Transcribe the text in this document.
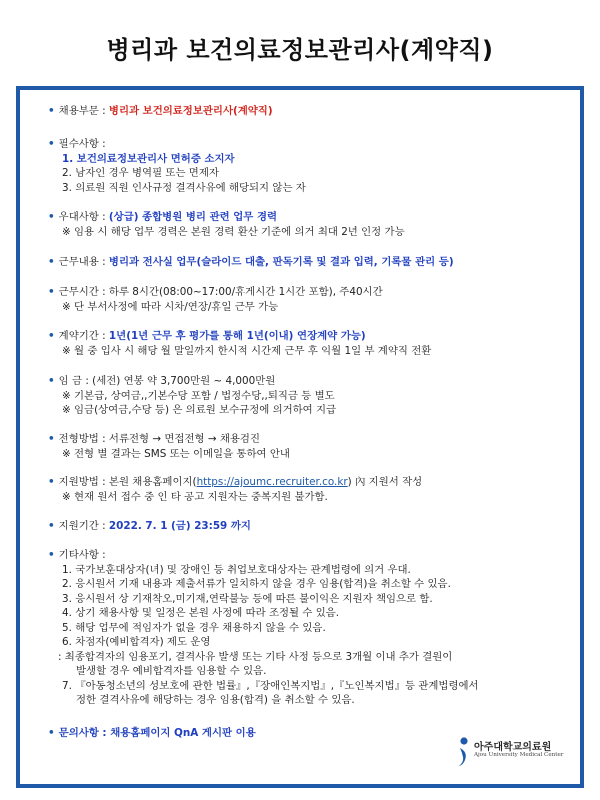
병리과 보건의료정보관리사(계약직)
• 채용부문 : 병리과 보건의료정보관리사(계약직)
• 필수사항 :
1. 보건의료정보관리사 면허증 소지자
2. 남자인 경우 병역필 또는 면제자
3. 의료원 직원 인사규정 결격사유에 해당되지 않는 자
• 우대사항 : (상급) 종합병원 병리 관련 업무 경력
※ 임용 시 해당 업무 경력은 본원 경력 환산 기준에 의거 최대 2년 인정 가능
• 근무내용 : 병리과 전사실 업무(슬라이드 대출, 판독기록 및 결과 입력, 기록물 관리 등)
• 근무시간 : 하루 8시간(08:00~17:00/휴게시간 1시간 포함), 주40시간
※ 단 부서사정에 따라 시차/연장/휴일 근무 가능
• 계약기간 : 1년(1년 근무 후 평가를 통해 1년(이내) 연장계약 가능)
※ 월 중 입사 시 해당 월 말일까지 한시적 시간제 근무 후 익월 1일 부 계약직 전환
• 임 금 : (세전) 연봉 약 3,700만원 ~ 4,000만원
※ 기본급, 상여금,,기본수당 포함 / 법정수당,,퇴직금 등 별도
※ 임금(상여금,수당 등) 은 의료원 보수규정에 의거하여 지급
• 전형방법 : 서류전형 → 면접전형 → 채용검진
※ 전형 별 결과는 SMS 또는 이메일을 통하여 안내
• 지원방법 : 본원 채용홈페이지(https://ajoumc.recruiter.co.kr) 內 지원서 작성
※ 현재 원서 접수 중 인 타 공고 지원자는 중복지원 불가함.
• 지원기간 : 2022. 7. 1 (금) 23:59 까지
• 기타사항 :
1. 국가보훈대상자(녀) 및 장애인 등 취업보호대상자는 관계법령에 의거 우대.
2. 응시원서 기재 내용과 제출서류가 일치하지 않을 경우 임용(합격)을 취소할 수 있음.
3. 응시원서 상 기재착오,미기재,연락불능 등에 따른 불이익은 지원자 책임으로 함.
4. 상기 채용사항 및 일정은 본원 사정에 따라 조정될 수 있음.
5. 해당 업무에 적임자가 없을 경우 채용하지 않을 수 있음.
6. 차점자(예비합격자) 제도 운영
: 최종합격자의 임용포기, 결격사유 발생 또는 기타 사정 등으로 3개월 이내 추가 결원이
발생할 경우 예비합격자를 임용할 수 있음.
7. 『아동청소년의 성보호에 관한 법률』,『장애인복지법』,『노인복지법』등 관계법령에서
정한 결격사유에 해당하는 경우 임용(합격) 을 취소할 수 있음.
• 문의사항 : 채용홈페이지 QnA 게시판 이용
아주대학교의료원
Ajou University Medical Center
